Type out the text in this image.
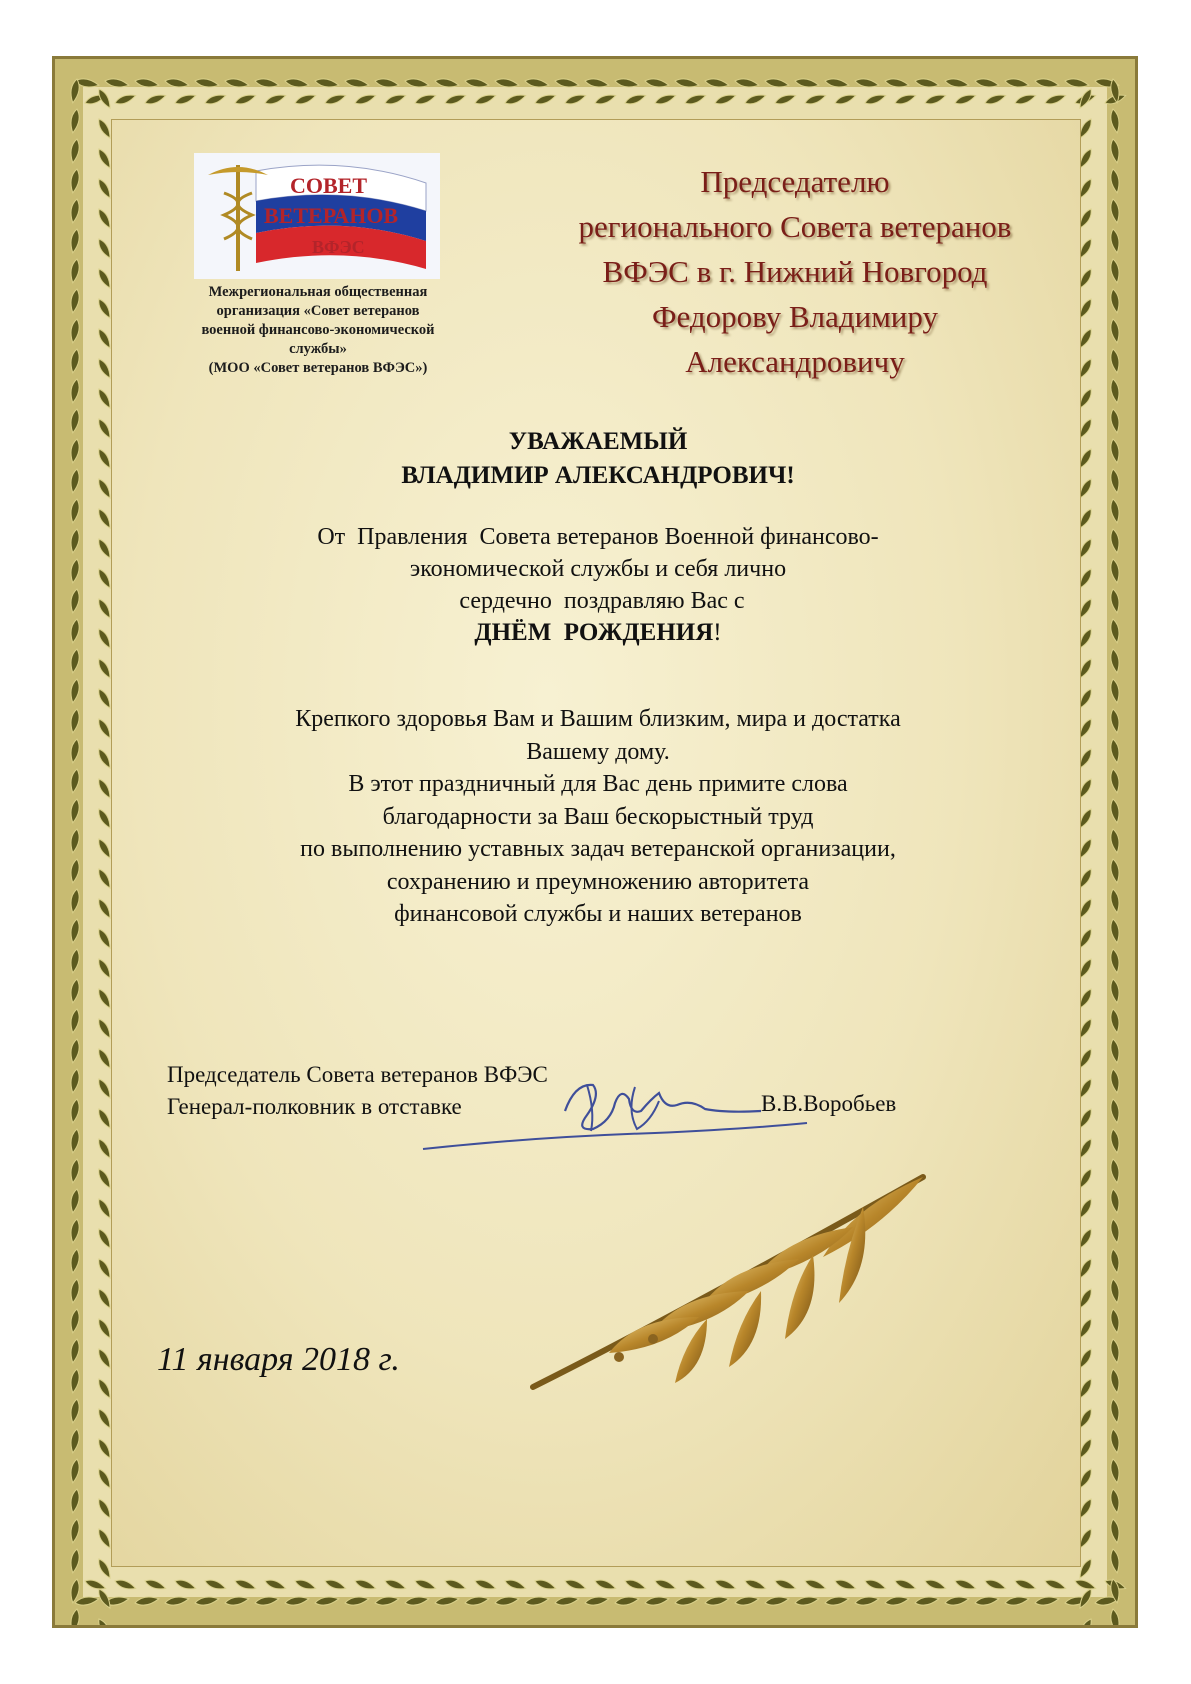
СОВЕТ
ВЕТЕРАНОВ
ВФЭС
Межрегиональная общественная
организация «Совет ветеранов
военной финансово-экономической
службы»
(МОО «Совет ветеранов ВФЭС»)
Председателю
регионального Совета ветеранов
ВФЭС в г. Нижний Новгород
Федорову Владимиру
Александровичу
УВАЖАЕМЫЙ
ВЛАДИМИР АЛЕКСАНДРОВИЧ!
От  Правления  Совета ветеранов Военной финансово-
экономической службы и себя лично
сердечно  поздравляю Вас с
ДНЁМ  РОЖДЕНИЯ!
Крепкого здоровья Вам и Вашим близким, мира и достатка
Вашему дому.
В этот праздничный для Вас день примите слова
благодарности за Ваш бескорыстный труд
по выполнению уставных задач ветеранской организации,
сохранению и преумножению авторитета
финансовой службы и наших ветеранов
Председатель Совета ветеранов ВФЭС
Генерал-полковник в отставке	В.В.Воробьев
11 января 2018 г.
